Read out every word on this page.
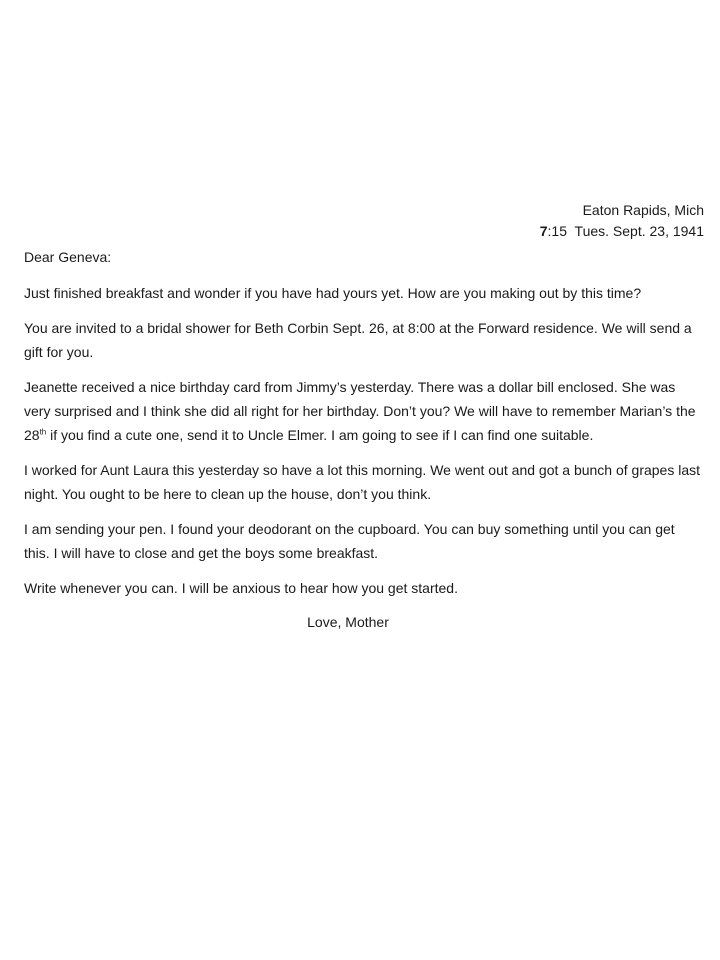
Eaton Rapids, Mich
7:15  Tues. Sept. 23, 1941
Dear Geneva:

Just finished breakfast and wonder if you have had yours yet. How are you making out by this time?

You are invited to a bridal shower for Beth Corbin Sept. 26, at 8:00 at the Forward residence. We will send a gift for you.

Jeanette received a nice birthday card from Jimmy’s yesterday. There was a dollar bill enclosed. She was very surprised and I think she did all right for her birthday. Don’t you? We will have to remember Marian’s the 28th if you find a cute one, send it to Uncle Elmer. I am going to see if I can find one suitable.

I worked for Aunt Laura this yesterday so have a lot this morning. We went out and got a bunch of grapes last night. You ought to be here to clean up the house, don’t you think.

I am sending your pen. I found your deodorant on the cupboard. You can buy something until you can get this. I will have to close and get the boys some breakfast.

Write whenever you can. I will be anxious to hear how you get started.

Love, Mother
